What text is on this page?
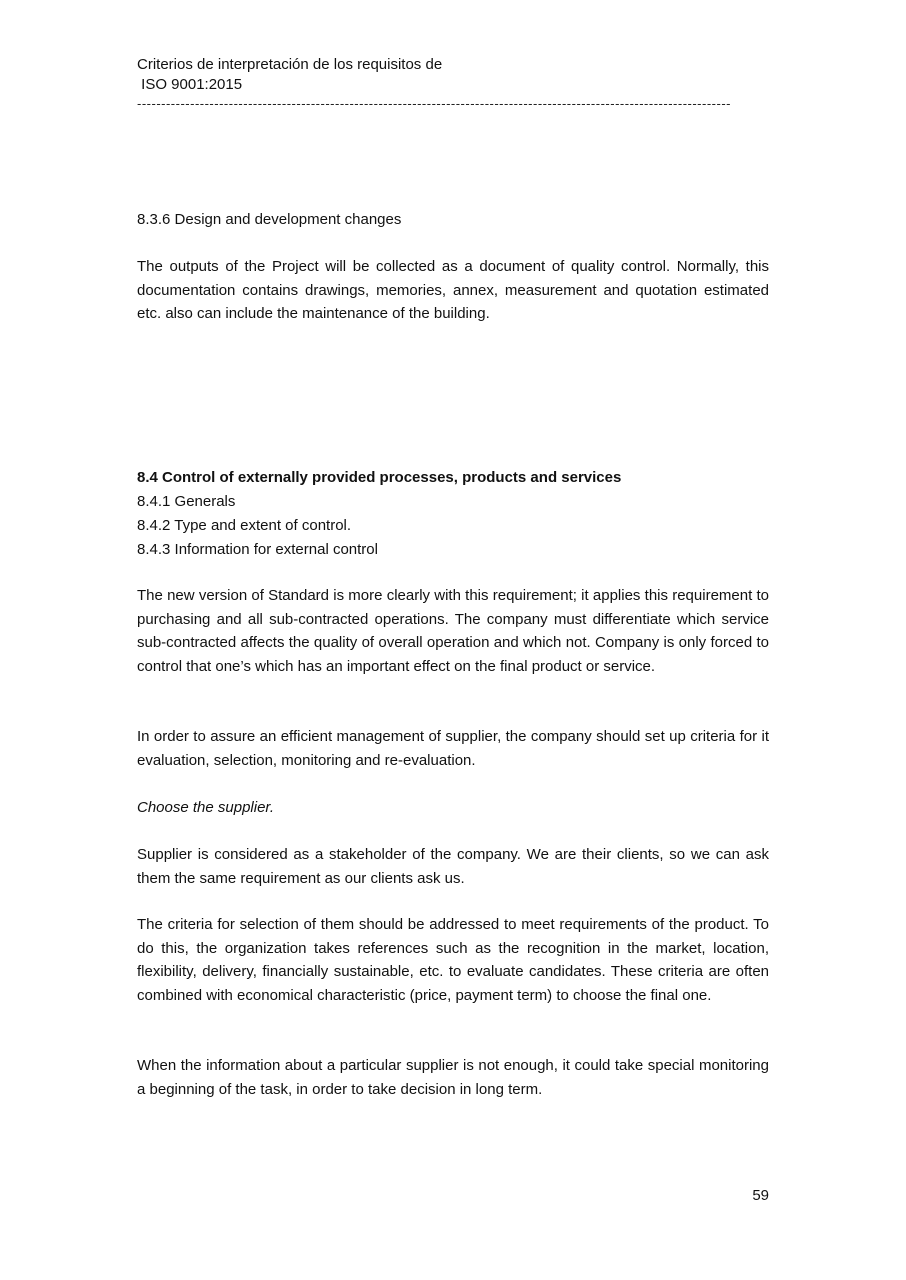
Criterios de interpretación de los requisitos de
ISO 9001:2015
---------------------------------------------------------------------------------------------------------------------------
8.3.6 Design and development changes
The outputs of the Project will be collected as a document of quality control. Normally, this documentation contains drawings, memories, annex, measurement and quotation estimated etc. also can include the maintenance of the building.
8.4 Control of externally provided processes, products and services
8.4.1 Generals
8.4.2 Type and extent of control.
8.4.3 Information for external control
The new version of Standard is more clearly with this requirement; it applies this requirement to purchasing and all sub-contracted operations. The company must differentiate which service sub-contracted affects the quality of overall operation and which not. Company is only forced to control that one’s which has an important effect on the final product or service.
In order to assure an efficient management of supplier, the company should set up criteria for it evaluation, selection, monitoring and re-evaluation.
Choose the supplier.
Supplier is considered as a stakeholder of the company. We are their clients, so we can ask them the same requirement as our clients ask us.
The criteria for selection of them should be addressed to meet requirements of the product. To do this, the organization takes references such as the recognition in the market, location, flexibility, delivery, financially sustainable, etc. to evaluate candidates. These criteria are often combined with economical characteristic (price, payment term) to choose the final one.
When the information about a particular supplier is not enough, it could take special monitoring a beginning of the task, in order to take decision in long term.
59
